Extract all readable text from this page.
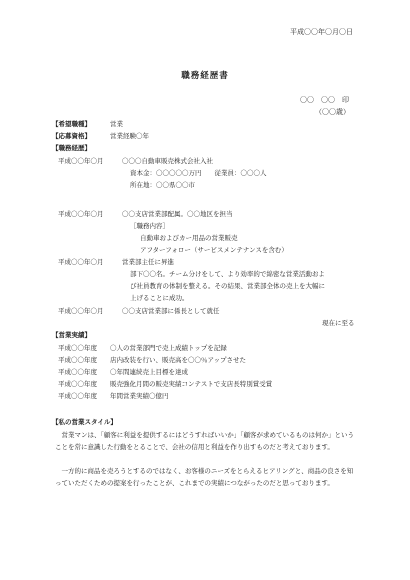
平成〇〇年〇月〇日
職務経歴書
〇〇　〇〇　印
（〇〇歳）
【希望職種】	営業
【応募資格】	営業経験〇年
【職務経歴】
平成〇〇年〇月	〇〇〇自動車販売株式会社入社
資本金：〇〇〇〇〇万円　　従業員：〇〇〇人
所在地：〇〇県〇〇市
平成〇〇年〇月	〇〇支店営業部配属。〇〇地区を担当
［職務内容］
自動車およびカー用品の営業販売
アフターフォロー（サービスメンテナンスを含む）
平成〇〇年〇月	営業部主任に昇進
部下〇〇名。チーム分けをして、より効率的で綿密な営業活動およ
び社員教育の体制を整える。その結果、営業部全体の売上を大幅に
上げることに成功。
平成〇〇年〇月	〇〇支店営業部に係長として就任
現在に至る
【営業実績】
平成〇〇年度 〇人の営業部門で売上成績トップを記録
平成〇〇年度 店内改装を行い、販売高を〇〇％アップさせた
平成〇〇年度 〇年間連続売上目標を達成
平成〇〇年度 販売強化月間の販売実績コンテストで支店長特別賞受賞
平成〇〇年度 年間営業実績〇億円
【私の営業スタイル】
　営業マンは、「顧客に利益を提供するにはどうすればいいか」「顧客が求めているものは何か」ということを常に意識した行動をとることで、会社の信用と利益を作り出すものだと考えております。
　一方的に商品を売ろうとするのではなく、お客様のニーズをとらえるヒアリングと、商品の良さを知っていただくための提案を行ったことが、これまでの実績につながったのだと思っております。
